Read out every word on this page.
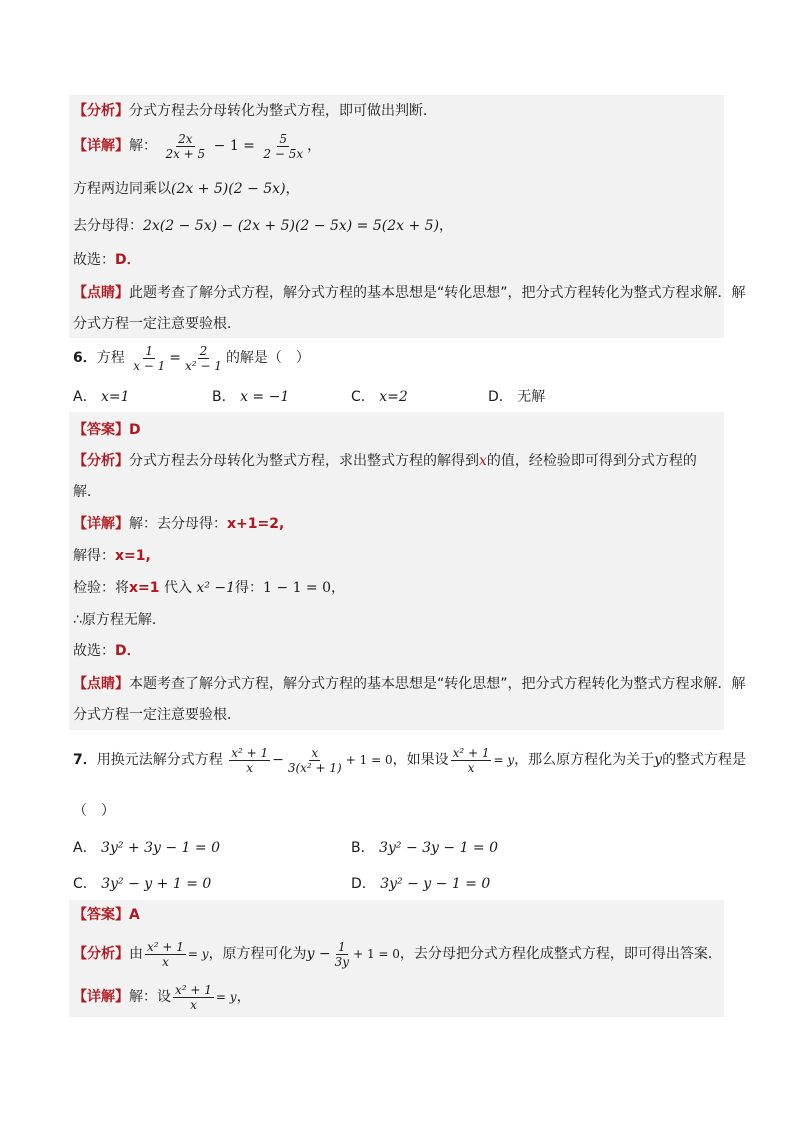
【分析】分式方程去分母转化为整式方程，即可做出判断．
【详解】解： $\frac{2x}{2x + 5} - 1 = \frac{5}{2 - 5x}$ ，
方程两边同乘以(2x + 5)(2 − 5x)，
去分母得：2x(2 − 5x) − (2x + 5)(2 − 5x) = 5(2x + 5)，
故选：D．
【点睛】此题考查了解分式方程，解分式方程的基本思想是“转化思想”，把分式方程转化为整式方程求解．解
分式方程一定注意要验根．
6．方程 $\frac{1}{x - 1} = \frac{2}{\text{x² − 1}}$ 的解是（　）
A． x=1	B． x = −1	C． x=2	D． 无解
【答案】D
【分析】分式方程去分母转化为整式方程，求出整式方程的解得到x的值，经检验即可得到分式方程的
解．
【详解】解：去分母得：x+1=2,
解得：x=1,
检验：将x=1 代入 x² −1得：1 − 1 = 0，
∴原方程无解．
故选：D．
【点睛】本题考查了解分式方程，解分式方程的基本思想是“转化思想”，把分式方程转化为整式方程求解．解
分式方程一定注意要验根．
7．用换元法解分式方程 $\frac{\text{x² + 1}}{x} - \frac{x}{\text{3(x² + 1)}} + 1 = 0$，如果设 $\frac{\text{x² + 1}}{x} = y$，那么原方程化为关于y的整式方程是
（　）
A． 3y² + 3y − 1 = 0	B． 3y² − 3y − 1 = 0
C． 3y² − y + 1 = 0	D． 3y² − y − 1 = 0
【答案】A
【分析】由 $\frac{\text{x² + 1}}{x} = y$，原方程可化为$y - \frac{1}{3y} + 1 = 0$，去分母把分式方程化成整式方程，即可得出答案．
【详解】解：设 $\frac{\text{x² + 1}}{x} = y$，
